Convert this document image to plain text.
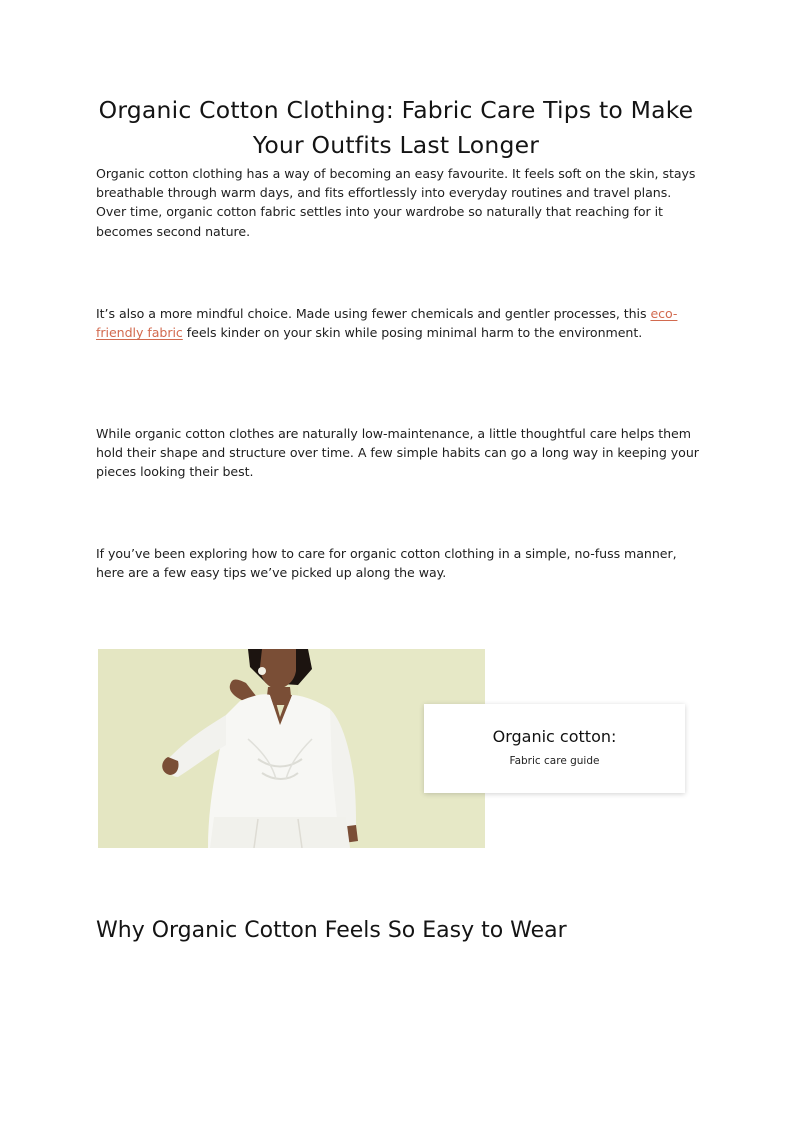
Organic Cotton Clothing: Fabric Care Tips to Make Your Outfits Last Longer

Organic cotton clothing has a way of becoming an easy favourite. It feels soft on the skin, stays breathable through warm days, and fits effortlessly into everyday routines and travel plans. Over time, organic cotton fabric settles into your wardrobe so naturally that reaching for it becomes second nature.

It’s also a more mindful choice. Made using fewer chemicals and gentler processes, this eco-friendly fabric feels kinder on your skin while posing minimal harm to the environment.

While organic cotton clothes are naturally low-maintenance, a little thoughtful care helps them hold their shape and structure over time. A few simple habits can go a long way in keeping your pieces looking their best.

If you’ve been exploring how to care for organic cotton clothing in a simple, no-fuss manner, here are a few easy tips we’ve picked up along the way.

Organic cotton:
Fabric care guide
Why Organic Cotton Feels So Easy to Wear
